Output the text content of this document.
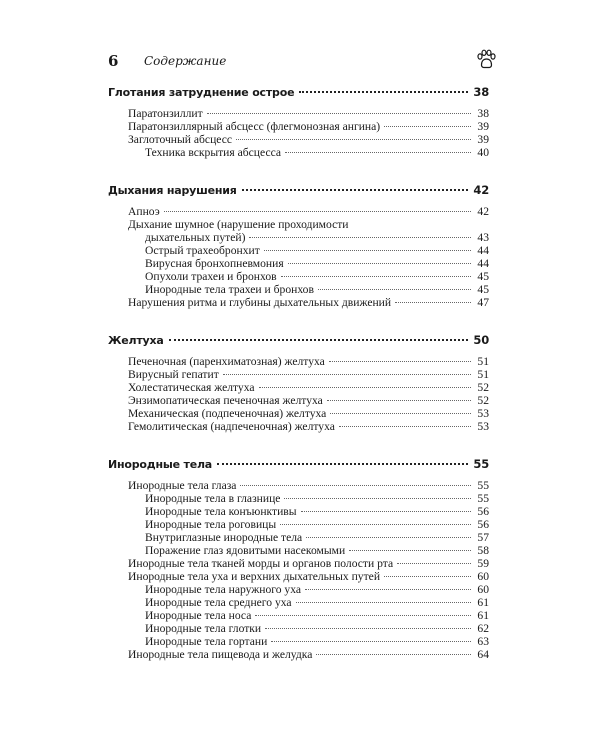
6 Содержание
Глотания затруднение острое	38
Паратонзиллит	38
Паратонзиллярный абсцесс (флегмонозная ангина)	39
Заглоточный абсцесс	39
Техника вскрытия абсцесса	40
Дыхания нарушения	42
Апноэ	42
Дыхание шумное (нарушение проходимости
дыхательных путей)	43
Острый трахеобронхит	44
Вирусная бронхопневмония	44
Опухоли трахеи и бронхов	45
Инородные тела трахеи и бронхов	45
Нарушения ритма и глубины дыхательных движений	47
Желтуха	50
Печеночная (паренхиматозная) желтуха	51
Вирусный гепатит	51
Холестатическая желтуха	52
Энзимопатическая печеночная желтуха	52
Механическая (подпеченочная) желтуха	53
Гемолитическая (надпеченочная) желтуха	53
Инородные тела	55
Инородные тела глаза	55
Инородные тела в глазнице	55
Инородные тела конъюнктивы	56
Инородные тела роговицы	56
Внутриглазные инородные тела	57
Поражение глаз ядовитыми насекомыми	58
Инородные тела тканей морды и органов полости рта	59
Инородные тела уха и верхних дыхательных путей	60
Инородные тела наружного уха	60
Инородные тела среднего уха	61
Инородные тела носа	61
Инородные тела глотки	62
Инородные тела гортани	63
Инородные тела пищевода и желудка	64
